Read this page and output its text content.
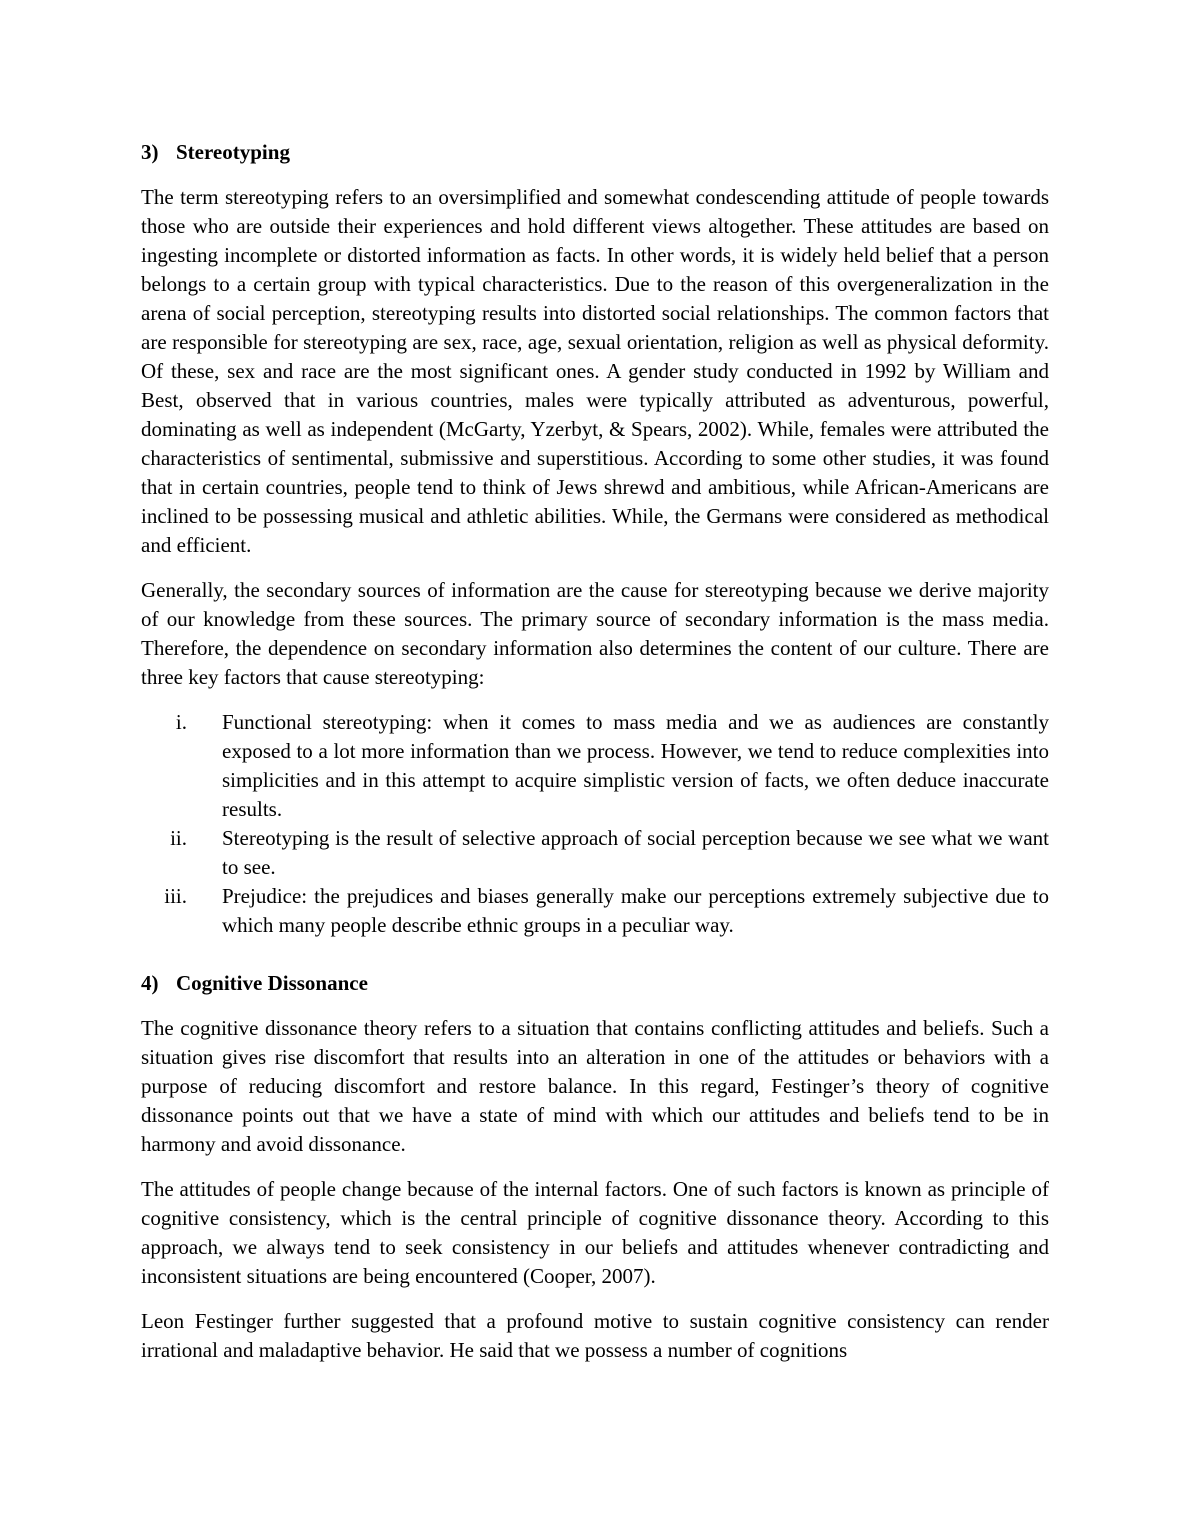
3) Stereotyping

The term stereotyping refers to an oversimplified and somewhat condescending attitude of people towards those who are outside their experiences and hold different views altogether. These attitudes are based on ingesting incomplete or distorted information as facts. In other words, it is widely held belief that a person belongs to a certain group with typical characteristics. Due to the reason of this overgeneralization in the arena of social perception, stereotyping results into distorted social relationships. The common factors that are responsible for stereotyping are sex, race, age, sexual orientation, religion as well as physical deformity. Of these, sex and race are the most significant ones. A gender study conducted in 1992 by William and Best, observed that in various countries, males were typically attributed as adventurous, powerful, dominating as well as independent (McGarty, Yzerbyt, & Spears, 2002). While, females were attributed the characteristics of sentimental, submissive and superstitious. According to some other studies, it was found that in certain countries, people tend to think of Jews shrewd and ambitious, while African-Americans are inclined to be possessing musical and athletic abilities. While, the Germans were considered as methodical and efficient.

Generally, the secondary sources of information are the cause for stereotyping because we derive majority of our knowledge from these sources. The primary source of secondary information is the mass media. Therefore, the dependence on secondary information also determines the content of our culture. There are three key factors that cause stereotyping:

i.	Functional stereotyping: when it comes to mass media and we as audiences are constantly exposed to a lot more information than we process. However, we tend to reduce complexities into simplicities and in this attempt to acquire simplistic version of facts, we often deduce inaccurate results.
ii.	Stereotyping is the result of selective approach of social perception because we see what we want to see.
iii.	Prejudice: the prejudices and biases generally make our perceptions extremely subjective due to which many people describe ethnic groups in a peculiar way.
4) Cognitive Dissonance

The cognitive dissonance theory refers to a situation that contains conflicting attitudes and beliefs. Such a situation gives rise discomfort that results into an alteration in one of the attitudes or behaviors with a purpose of reducing discomfort and restore balance. In this regard, Festinger’s theory of cognitive dissonance points out that we have a state of mind with which our attitudes and beliefs tend to be in harmony and avoid dissonance.

The attitudes of people change because of the internal factors. One of such factors is known as principle of cognitive consistency, which is the central principle of cognitive dissonance theory. According to this approach, we always tend to seek consistency in our beliefs and attitudes whenever contradicting and inconsistent situations are being encountered (Cooper, 2007).

Leon Festinger further suggested that a profound motive to sustain cognitive consistency can render irrational and maladaptive behavior. He said that we possess a number of cognitions
